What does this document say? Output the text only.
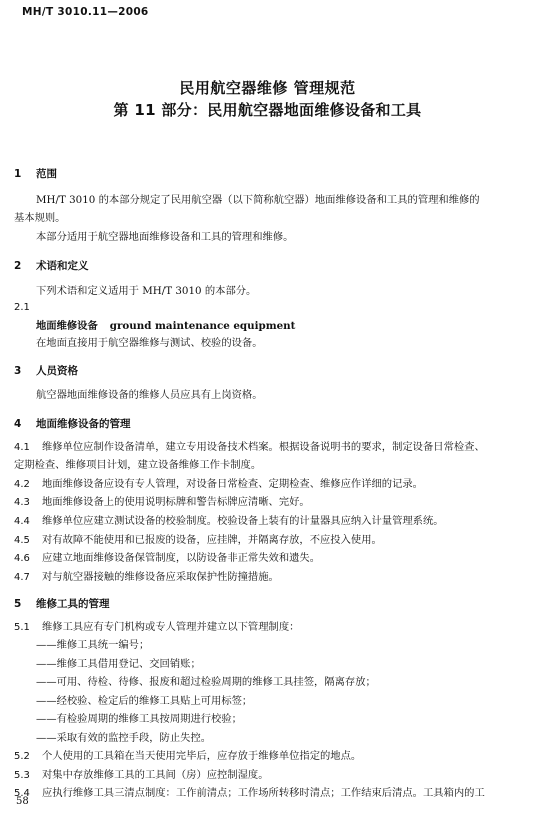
MH/T 3010.11—2006
民用航空器维修 管理规范
第 11 部分：民用航空器地面维修设备和工具
1 范围
MH/T 3010 的本部分规定了民用航空器（以下简称航空器）地面维修设备和工具的管理和维修的
基本规则。
本部分适用于航空器地面维修设备和工具的管理和维修。
2 术语和定义
下列术语和定义适用于 MH/T 3010 的本部分。
2.1
地面维修设备 ground maintenance equipment
在地面直接用于航空器维修与测试、校验的设备。
3 人员资格
航空器地面维修设备的维修人员应具有上岗资格。
4 地面维修设备的管理
4.1 维修单位应制作设备清单，建立专用设备技术档案。根据设备说明书的要求，制定设备日常检查、
定期检查、维修项目计划，建立设备维修工作卡制度。
4.2 地面维修设备应设有专人管理，对设备日常检查、定期检查、维修应作详细的记录。
4.3 地面维修设备上的使用说明标牌和警告标牌应清晰、完好。
4.4 维修单位应建立测试设备的校验制度。校验设备上装有的计量器具应纳入计量管理系统。
4.5 对有故障不能使用和已报废的设备，应挂牌，并隔离存放，不应投入使用。
4.6 应建立地面维修设备保管制度，以防设备非正常失效和遗失。
4.7 对与航空器接触的维修设备应采取保护性防撞措施。
5 维修工具的管理
5.1 维修工具应有专门机构或专人管理并建立以下管理制度：
——维修工具统一编号；
——维修工具借用登记、交回销账；
——可用、待检、待修、报废和超过检验周期的维修工具挂签，隔离存放；
——经校验、检定后的维修工具贴上可用标签；
——有检验周期的维修工具按周期进行校验；
——采取有效的监控手段，防止失控。
5.2 个人使用的工具箱在当天使用完毕后，应存放于维修单位指定的地点。
5.3 对集中存放维修工具的工具间（房）应控制湿度。
5.4 应执行维修工具三清点制度：工作前清点；工作场所转移时清点；工作结束后清点。工具箱内的工
58
